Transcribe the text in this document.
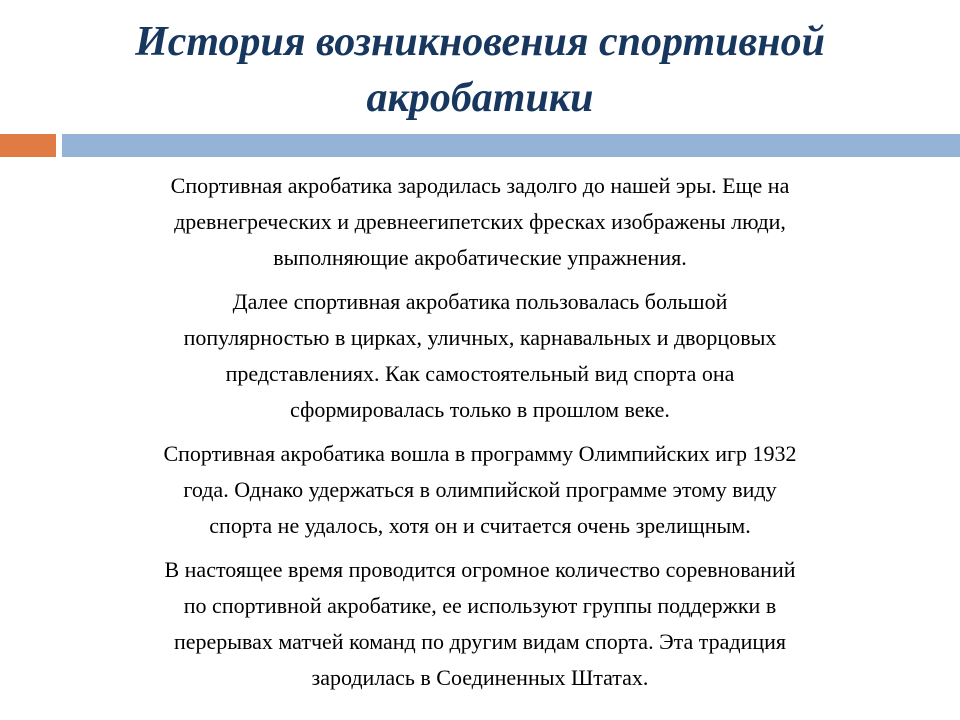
История возникновения спортивной
акробатики
Спортивная акробатика зародилась задолго до нашей эры. Еще на
древнегреческих и древнеегипетских фресках изображены люди,
выполняющие акробатические упражнения.
Далее спортивная акробатика пользовалась большой
популярностью в цирках, уличных, карнавальных и дворцовых
представлениях. Как самостоятельный вид спорта она
сформировалась только в прошлом веке.
Спортивная акробатика вошла в программу Олимпийских игр 1932
года. Однако удержаться в олимпийской программе этому виду
спорта не удалось, хотя он и считается очень зрелищным.
В настоящее время проводится огромное количество соревнований
по спортивной акробатике, ее используют группы поддержки в
перерывах матчей команд по другим видам спорта. Эта традиция
зародилась в Соединенных Штатах.
